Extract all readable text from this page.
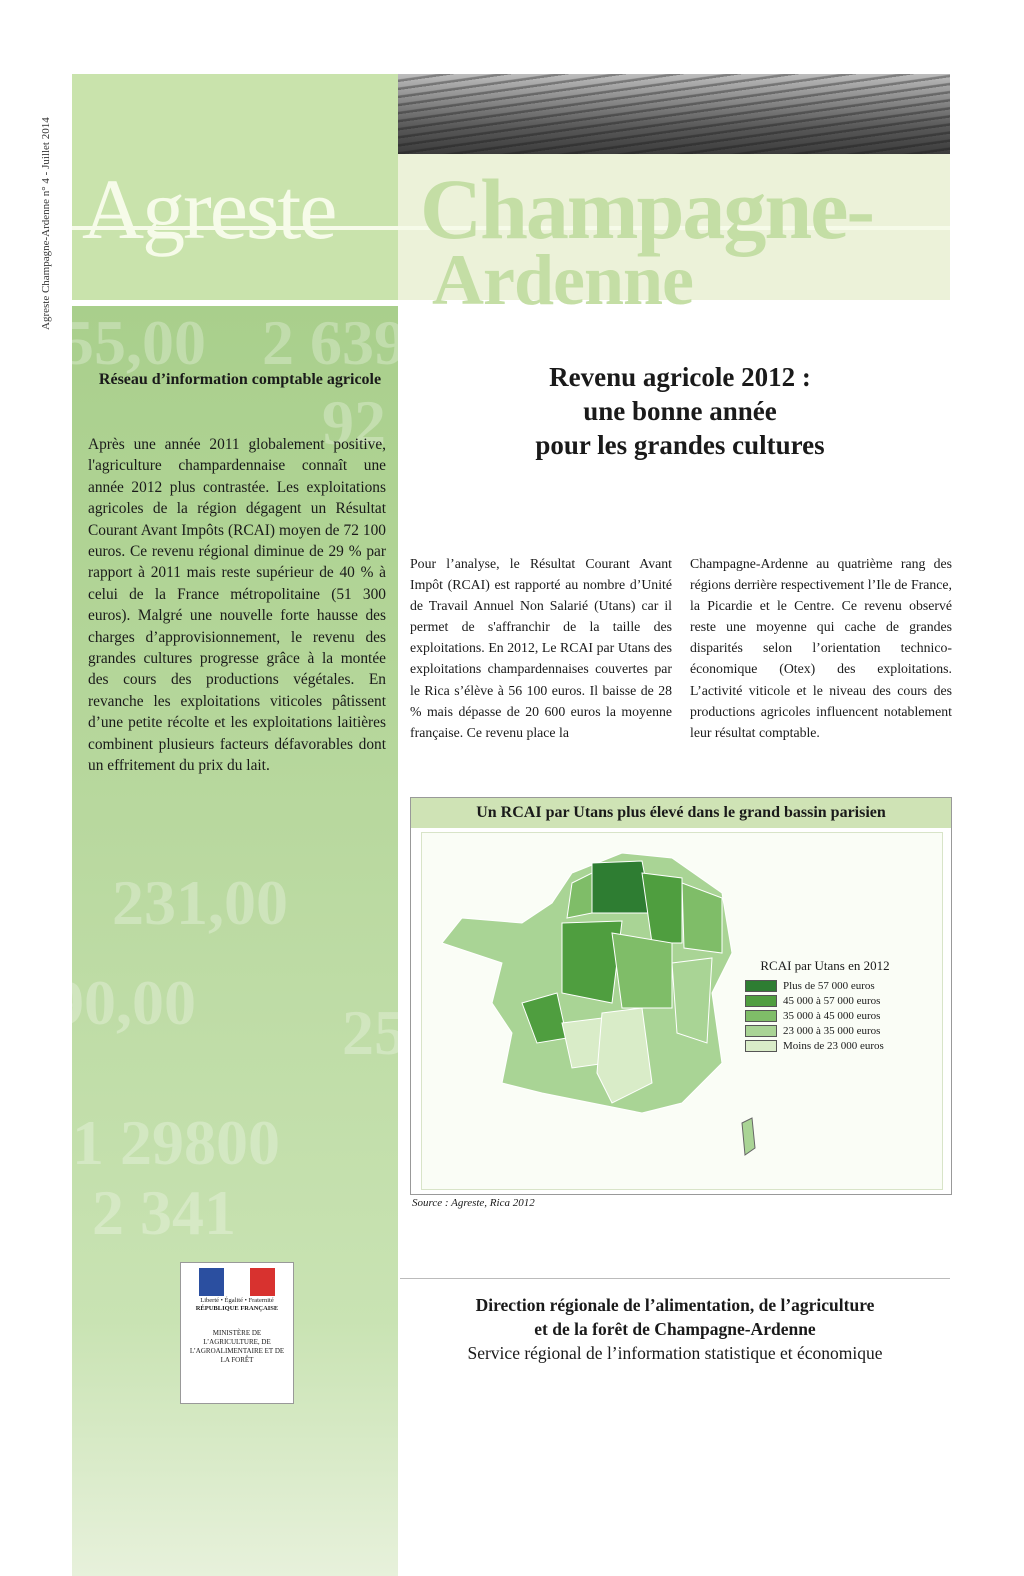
Agreste Champagne-Ardenne n° 4 - Juillet 2014 Agreste Champagne-
Ardenne
55,00 2 639
92
231,00
90,00
1 29800
2 341
25
Réseau d’information comptable agricole
Après une année 2011 globalement positive, l'agriculture champardennaise connaît une année 2012 plus contrastée. Les exploitations agricoles de la région dégagent un Résultat Courant Avant Impôts (RCAI) moyen de 72 100 euros. Ce revenu régional diminue de 29 % par rapport à 2011 mais reste supérieur de 40 % à celui de la France métropolitaine (51 300 euros). Malgré une nouvelle forte hausse des charges d’approvisionnement, le revenu des grandes cultures progresse grâce à la montée des cours des productions végétales. En revanche les exploitations viticoles pâtissent d’une petite récolte et les exploitations laitières combinent plusieurs facteurs défavorables dont un effritement du prix du lait.
Revenu agricole 2012 :
une bonne année
pour les grandes cultures
Pour l’analyse, le Résultat Courant Avant Impôt (RCAI) est rapporté au nombre d’Unité de Travail Annuel Non Salarié (Utans) car il permet de s'affranchir de la taille des exploitations. En 2012, Le RCAI par Utans des exploitations champardennaises couvertes par le Rica s’élève à 56 100 euros. Il baisse de 28 % mais dépasse de 20 600 euros la moyenne française. Ce revenu place la
Champagne-Ardenne au quatrième rang des régions derrière respectivement l’Ile de France, la Picardie et le Centre. Ce revenu observé reste une moyenne qui cache de grandes disparités selon l’orientation technico-économique (Otex) des exploitations. L’activité viticole et le niveau des cours des productions agricoles influencent notablement leur résultat comptable.
Un RCAI par Utans plus élevé dans le grand bassin parisien
RCAI par Utans en 2012
Plus de 57 000 euros
45 000 à 57 000 euros
35 000 à 45 000 euros
23 000 à 35 000 euros
Moins de 23 000 euros
Source : Agreste, Rica 2012
Liberté • Égalité • Fraternité
RÉPUBLIQUE FRANÇAISE
MINISTÈRE DE L’AGRICULTURE, DE L’AGROALIMENTAIRE ET DE LA FORÊT
Direction régionale de l’alimentation, de l’agriculture
et de la forêt de Champagne-Ardenne
Service régional de l’information statistique et économique
